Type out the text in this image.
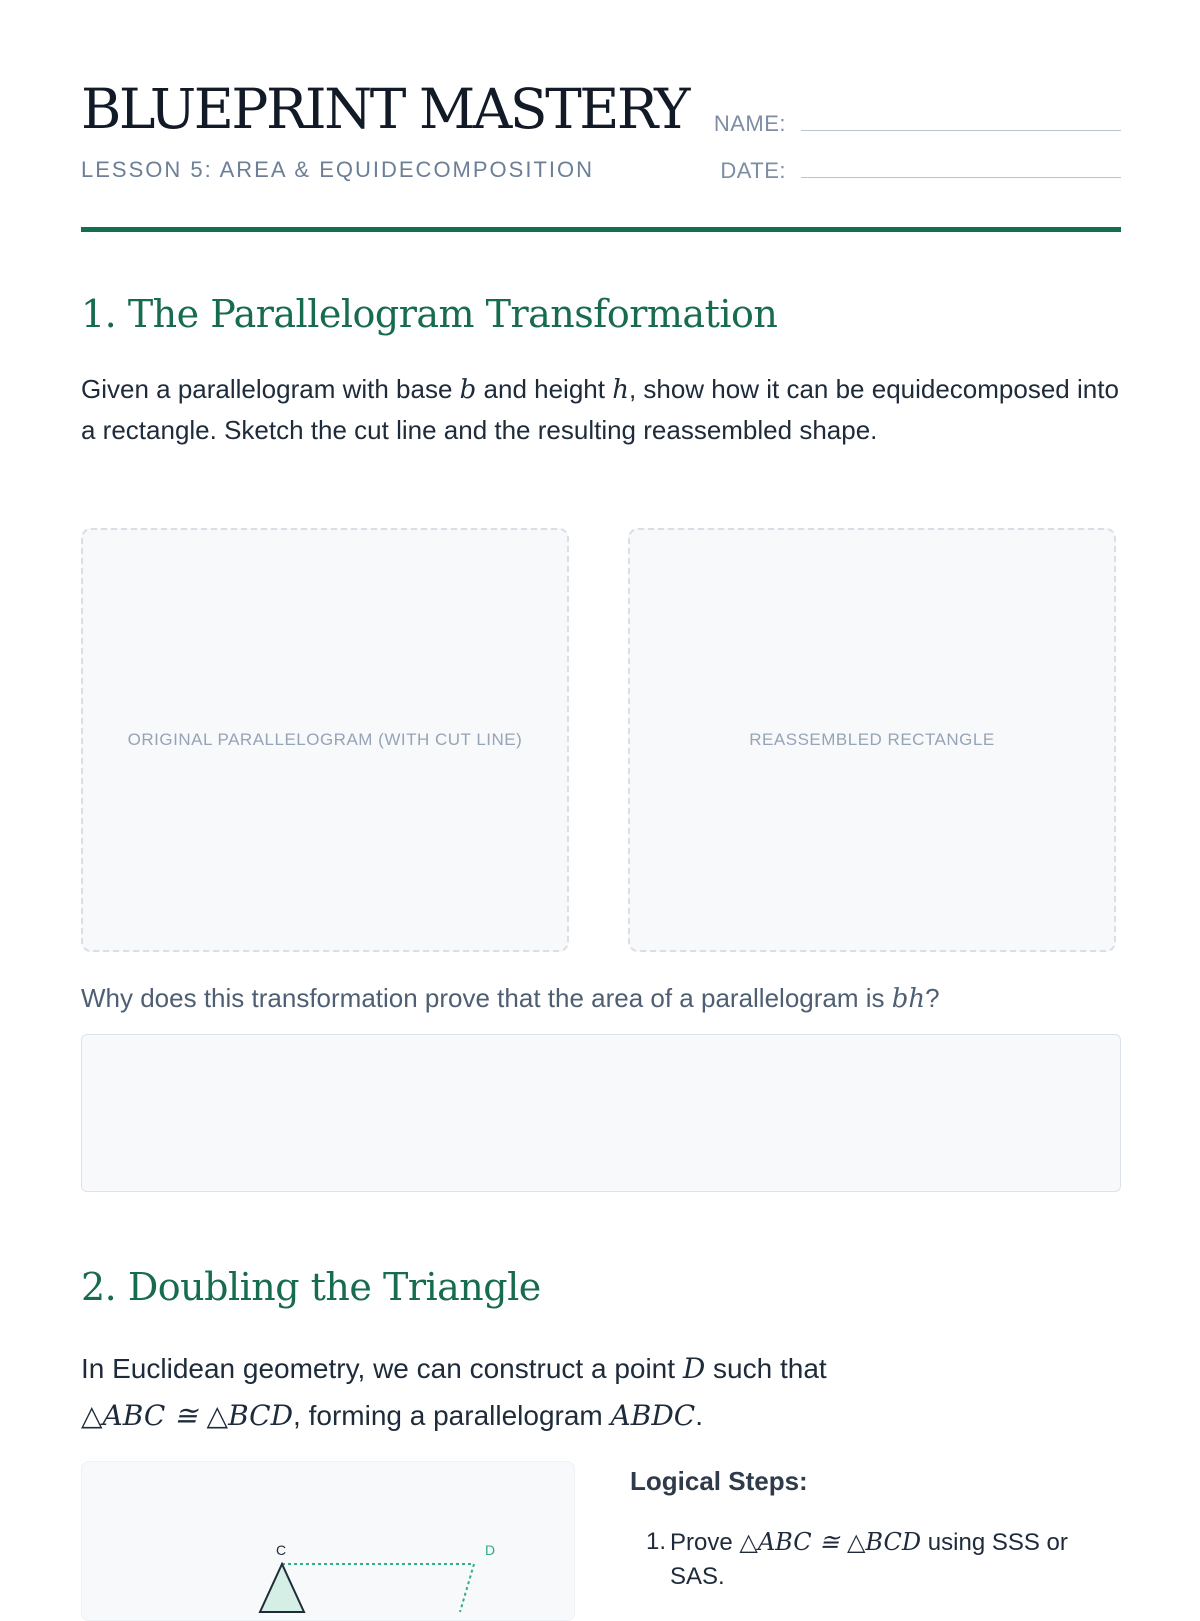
BLUEPRINT MASTERY
LESSON 5: AREA & EQUIDECOMPOSITION
NAME:
DATE:
1. The Parallelogram Transformation

Given a parallelogram with base b and height h, show how it can be equidecomposed into a rectangle. Sketch the cut line and the resulting reassembled shape.

ORIGINAL PARALLELOGRAM (WITH CUT LINE)	REASSEMBLED RECTANGLE

Why does this transformation prove that the area of a parallelogram is bh?

2. Doubling the Triangle

In Euclidean geometry, we can construct a point D such that
△ABC ≅ △BCD, forming a parallelogram ABDC.

C	D
Logical Steps:
1. Prove △ABC ≅ △BCD using SSS or SAS.
